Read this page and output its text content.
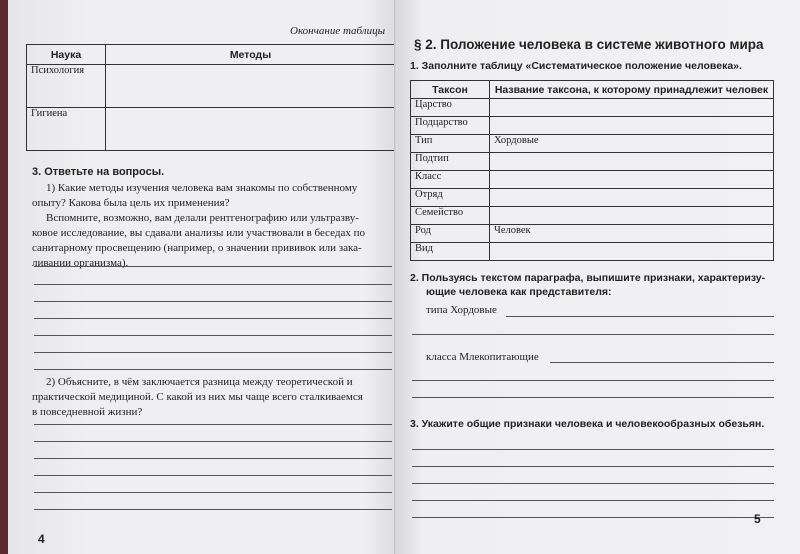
Окончание таблицы
Наука	Методы
Психология	
Гигиена	
3. Ответьте на вопросы.
1) Какие методы изучения человека вам знакомы по собственному
опыту? Какова была цель их применения?
Вспомните, возможно, вам делали рентгенографию или ультразву-
ковое исследование, вы сдавали анализы или участвовали в беседах по
санитарному просвещению (например, о значении прививок или зака-
ливании организма).
2) Объясните, в чём заключается разница между теоретической и
практической медициной. С какой из них мы чаще всего сталкиваемся
в повседневной жизни?
4
§ 2. Положение человека в системе животного мира
1. Заполните таблицу «Систематическое положение человека».
Таксон	Название таксона, к которому принадлежит человек
Царство	
Подцарство	
Тип	Хордовые
Подтип	
Класс	
Отряд	
Семейство	
Род	Человек
Вид	
2. Пользуясь текстом параграфа, выпишите признаки, характеризу-
ющие человека как представителя:
типа Хордовые
класса Млекопитающие
3. Укажите общие признаки человека и человекообразных обезьян.
5
